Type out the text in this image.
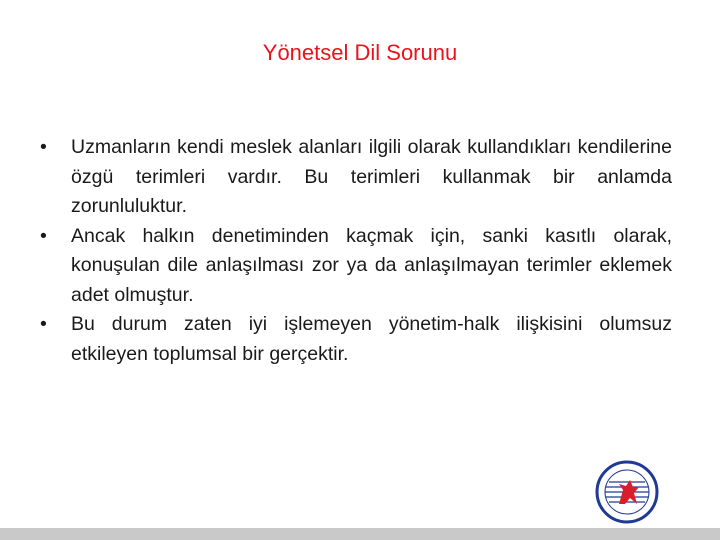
Yönetsel Dil Sorunu
• Uzmanların kendi meslek alanları ilgili olarak kullandıkları kendilerine özgü terimleri vardır. Bu terimleri kullanmak bir anlamda zorunluluktur.
• Ancak halkın denetiminden kaçmak için, sanki kasıtlı olarak, konuşulan dile anlaşılması zor ya da anlaşılmayan terimler eklemek adet olmuştur.
• Bu durum zaten iyi işlemeyen yönetim-halk ilişkisini olumsuz etkileyen toplumsal bir gerçektir.
